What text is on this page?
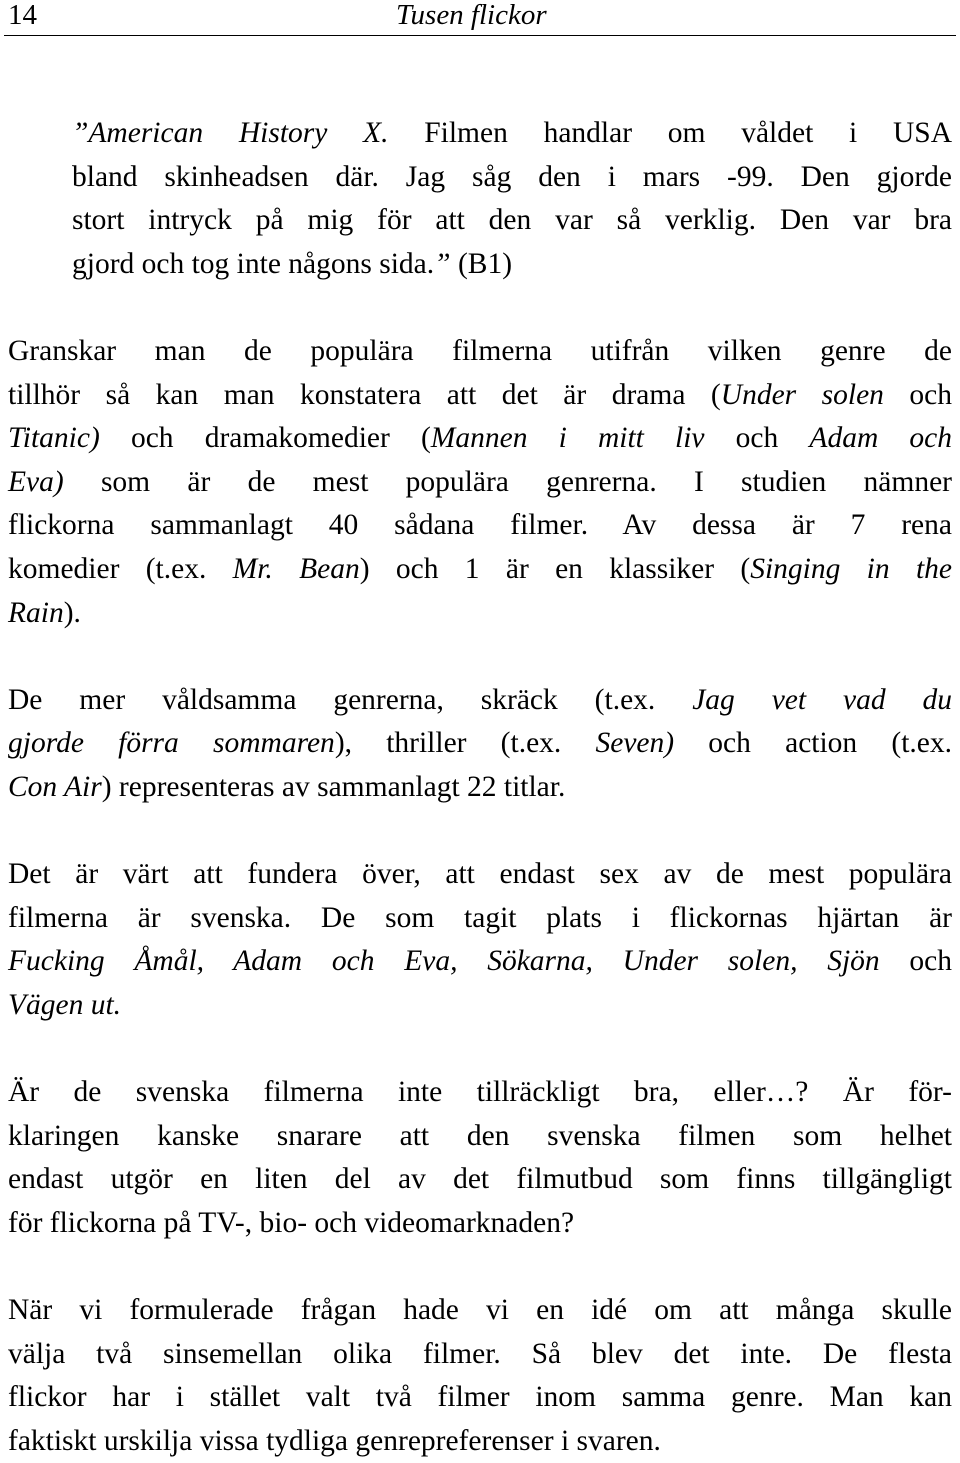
14	Tusen flickor
”American History X. Filmen handlar om våldet i USA
bland skinheadsen där. Jag såg den i mars -99. Den gjorde
stort intryck på mig för att den var så verklig. Den var bra
gjord och tog inte någons sida.” (B1)
Granskar man de populära filmerna utifrån vilken genre de
tillhör så kan man konstatera att det är drama (Under solen och
Titanic) och dramakomedier (Mannen i mitt liv och Adam och
Eva) som är de mest populära genrerna. I studien nämner
flickorna sammanlagt 40 sådana filmer. Av dessa är 7 rena
komedier (t.ex. Mr. Bean) och 1 är en klassiker (Singing in the
Rain).
De mer våldsamma genrerna, skräck (t.ex. Jag vet vad du
gjorde förra sommaren), thriller (t.ex. Seven) och action (t.ex.
Con Air) representeras av sammanlagt 22 titlar.
Det är värt att fundera över, att endast sex av de mest populära
filmerna är svenska. De som tagit plats i flickornas hjärtan är
Fucking Åmål, Adam och Eva, Sökarna, Under solen, Sjön och
Vägen ut.
Är de svenska filmerna inte tillräckligt bra, eller…? Är för-
klaringen kanske snarare att den svenska filmen som helhet
endast utgör en liten del av det filmutbud som finns tillgängligt
för flickorna på TV-, bio- och videomarknaden?
När vi formulerade frågan hade vi en idé om att många skulle
välja två sinsemellan olika filmer. Så blev det inte. De flesta
flickor har i stället valt två filmer inom samma genre. Man kan
faktiskt urskilja vissa tydliga genrepreferenser i svaren.
